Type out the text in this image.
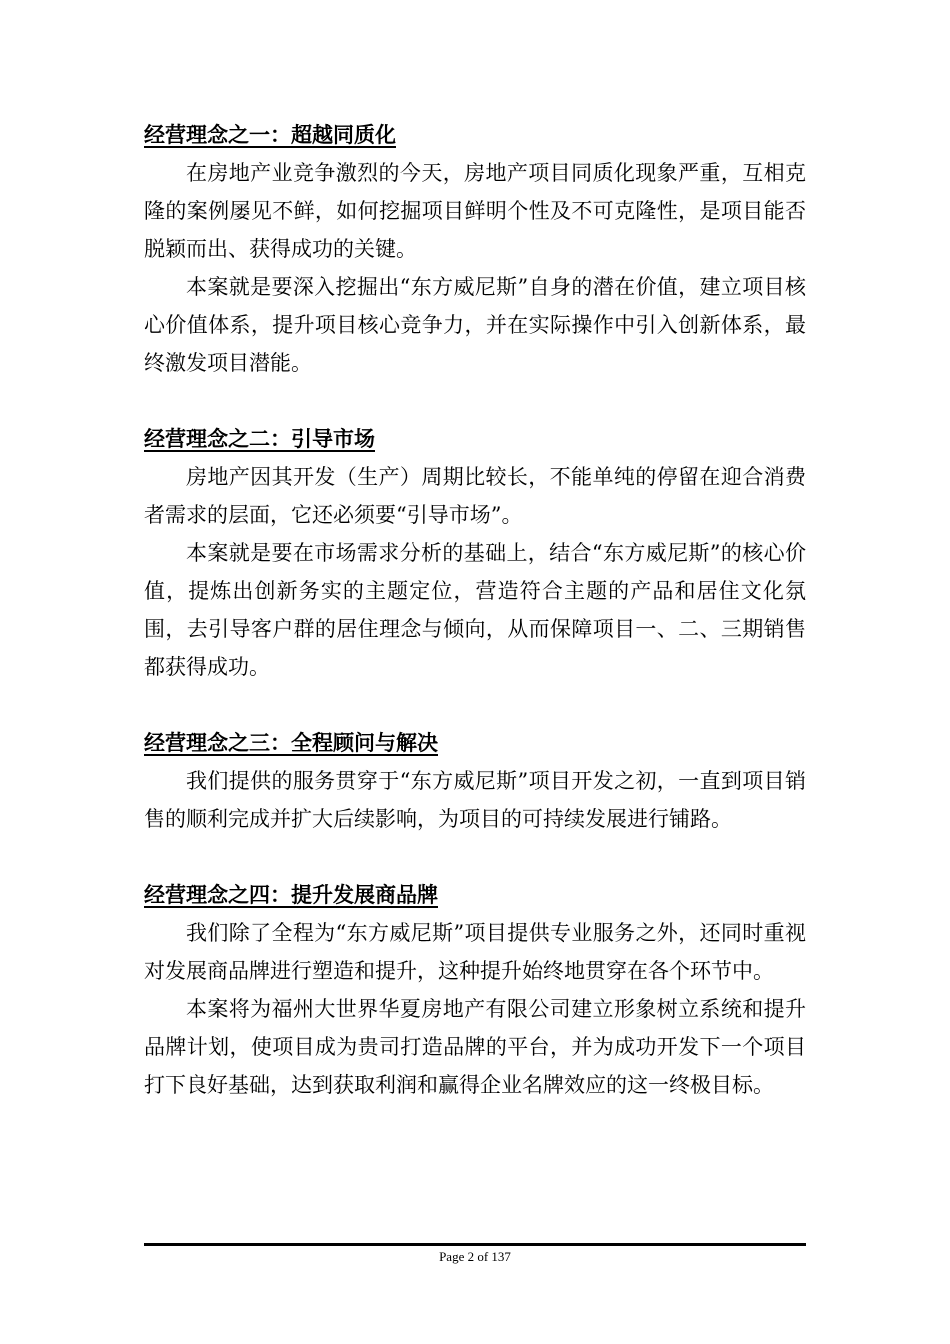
经营理念之一：超越同质化

在房地产业竞争激烈的今天，房地产项目同质化现象严重，互相克隆的案例屡见不鲜，如何挖掘项目鲜明个性及不可克隆性，是项目能否脱颖而出、获得成功的关键。

本案就是要深入挖掘出“东方威尼斯”自身的潜在价值，建立项目核心价值体系，提升项目核心竞争力，并在实际操作中引入创新体系，最终激发项目潜能。

经营理念之二：引导市场

房地产因其开发（生产）周期比较长，不能单纯的停留在迎合消费者需求的层面，它还必须要“引导市场”。

本案就是要在市场需求分析的基础上，结合“东方威尼斯”的核心价值，提炼出创新务实的主题定位，营造符合主题的产品和居住文化氛围，去引导客户群的居住理念与倾向，从而保障项目一、二、三期销售都获得成功。

经营理念之三：全程顾问与解决

我们提供的服务贯穿于“东方威尼斯”项目开发之初，一直到项目销售的顺利完成并扩大后续影响，为项目的可持续发展进行铺路。

经营理念之四：提升发展商品牌

我们除了全程为“东方威尼斯”项目提供专业服务之外，还同时重视对发展商品牌进行塑造和提升，这种提升始终地贯穿在各个环节中。

本案将为福州大世界华夏房地产有限公司建立形象树立系统和提升品牌计划，使项目成为贵司打造品牌的平台，并为成功开发下一个项目打下良好基础，达到获取利润和赢得企业名牌效应的这一终极目标。

Page 2 of 137
